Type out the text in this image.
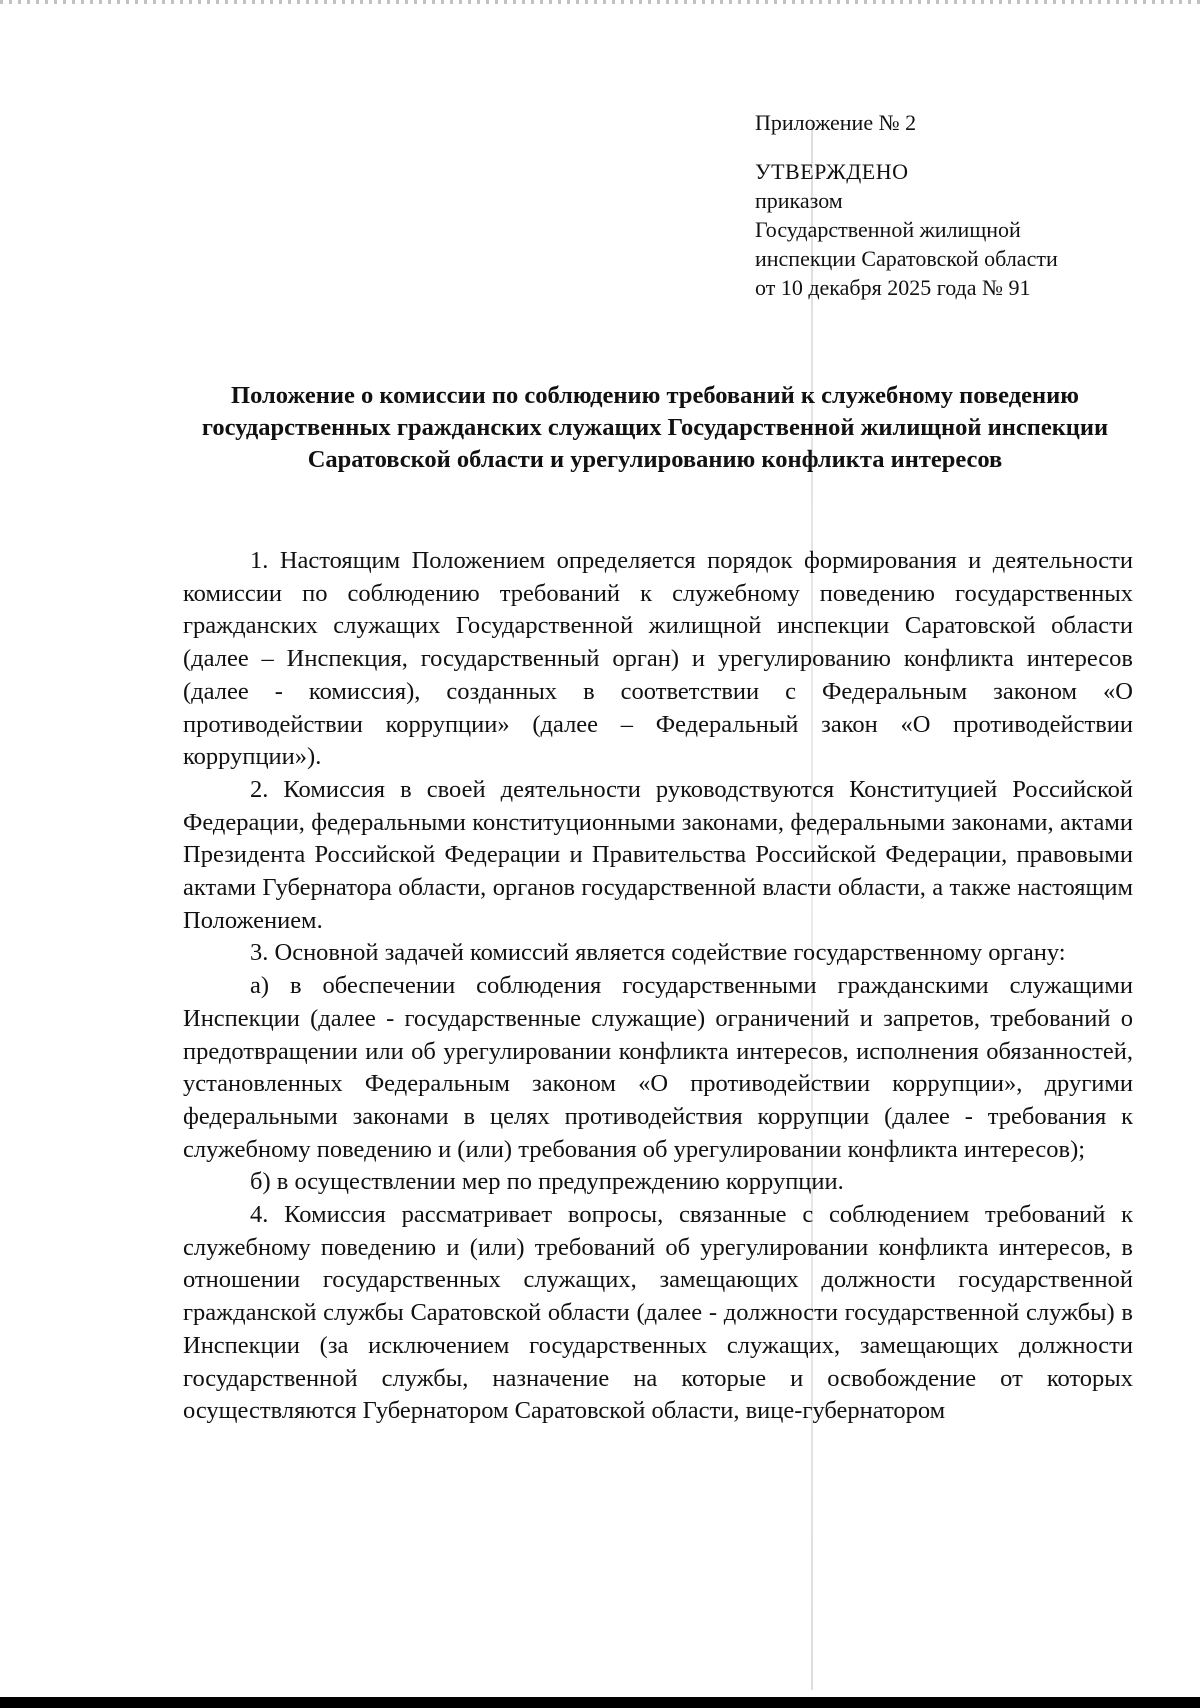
Приложение № 2
УТВЕРЖДЕНО
приказом
Государственной жилищной
инспекции Саратовской области
от 10 декабря 2025 года № 91
Положение о комиссии по соблюдению требований к служебному поведению государственных гражданских служащих Государственной жилищной инспекции Саратовской области и урегулированию конфликта интересов

1. Настоящим Положением определяется порядок формирования и деятельности комиссии по соблюдению требований к служебному поведению государственных гражданских служащих Государственной жилищной инспекции Саратовской области (далее – Инспекция, государственный орган) и урегулированию конфликта интересов (далее - комиссия), созданных в соответствии с Федеральным законом «О противодействии коррупции» (далее – Федеральный закон «О противодействии коррупции»).

2. Комиссия в своей деятельности руководствуются Конституцией Российской Федерации, федеральными конституционными законами, федеральными законами, актами Президента Российской Федерации и Правительства Российской Федерации, правовыми актами Губернатора области, органов государственной власти области, а также настоящим Положением.

3. Основной задачей комиссий является содействие государственному органу:

а) в обеспечении соблюдения государственными гражданскими служащими Инспекции (далее - государственные служащие) ограничений и запретов, требований о предотвращении или об урегулировании конфликта интересов, исполнения обязанностей, установленных Федеральным законом «О противодействии коррупции», другими федеральными законами в целях противодействия коррупции (далее - требования к служебному поведению и (или) требования об урегулировании конфликта интересов);

б) в осуществлении мер по предупреждению коррупции.

4. Комиссия рассматривает вопросы, связанные с соблюдением требований к служебному поведению и (или) требований об урегулировании конфликта интересов, в отношении государственных служащих, замещающих должности государственной гражданской службы Саратовской области (далее - должности государственной службы) в Инспекции (за исключением государственных служащих, замещающих должности государственной службы, назначение на которые и освобождение от которых осуществляются Губернатором Саратовской области, вице-губернатором
